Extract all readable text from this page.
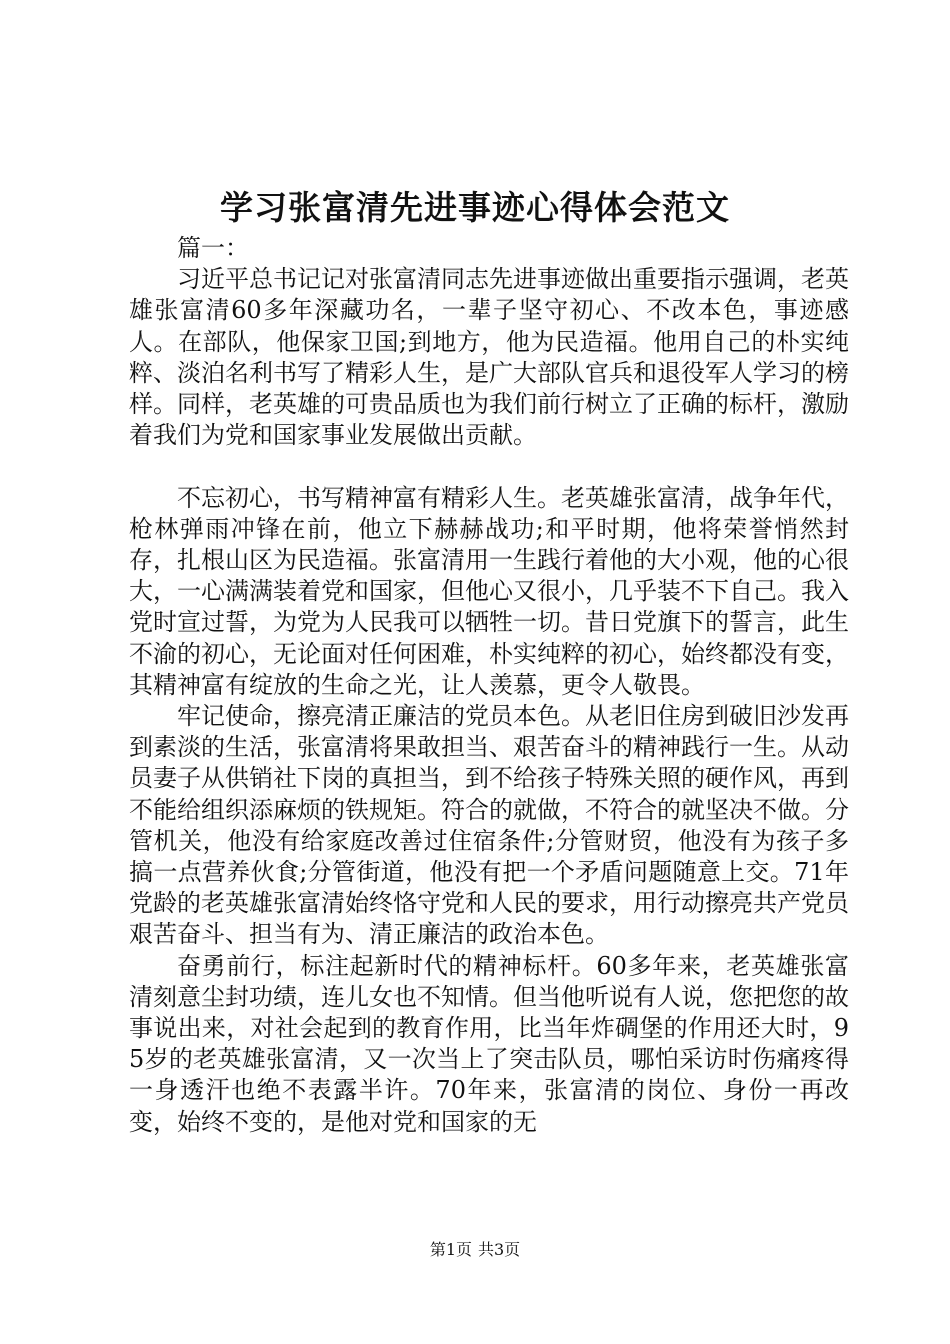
学习张富清先进事迹心得体会范文

篇一：

习近平总书记记对张富清同志先进事迹做出重要指示强调，老英雄张富清60多年深藏功名，一辈子坚守初心、不改本色，事迹感人。在部队，他保家卫国;到地方，他为民造福。他用自己的朴实纯粹、淡泊名利书写了精彩人生，是广大部队官兵和退役军人学习的榜样。同样，老英雄的可贵品质也为我们前行树立了正确的标杆，激励着我们为党和国家事业发展做出贡献。

不忘初心，书写精神富有精彩人生。老英雄张富清，战争年代，枪林弹雨冲锋在前，他立下赫赫战功;和平时期，他将荣誉悄然封存，扎根山区为民造福。张富清用一生践行着他的大小观，他的心很大，一心满满装着党和国家，但他心又很小，几乎装不下自己。我入党时宣过誓，为党为人民我可以牺牲一切。昔日党旗下的誓言，此生不渝的初心，无论面对任何困难，朴实纯粹的初心，始终都没有变，其精神富有绽放的生命之光，让人羡慕，更令人敬畏。

牢记使命，擦亮清正廉洁的党员本色。从老旧住房到破旧沙发再到素淡的生活，张富清将果敢担当、艰苦奋斗的精神践行一生。从动员妻子从供销社下岗的真担当，到不给孩子特殊关照的硬作风，再到不能给组织添麻烦的铁规矩。符合的就做，不符合的就坚决不做。分管机关，他没有给家庭改善过住宿条件;分管财贸，他没有为孩子多搞一点营养伙食;分管街道，他没有把一个矛盾问题随意上交。71年党龄的老英雄张富清始终恪守党和人民的要求，用行动擦亮共产党员艰苦奋斗、担当有为、清正廉洁的政治本色。

奋勇前行，标注起新时代的精神标杆。60多年来，老英雄张富清刻意尘封功绩，连儿女也不知情。但当他听说有人说，您把您的故事说出来，对社会起到的教育作用，比当年炸碉堡的作用还大时，95岁的老英雄张富清，又一次当上了突击队员，哪怕采访时伤痛疼得一身透汗也绝不表露半许。70年来，张富清的岗位、身份一再改变，始终不变的，是他对党和国家的无

第1页 共3页
